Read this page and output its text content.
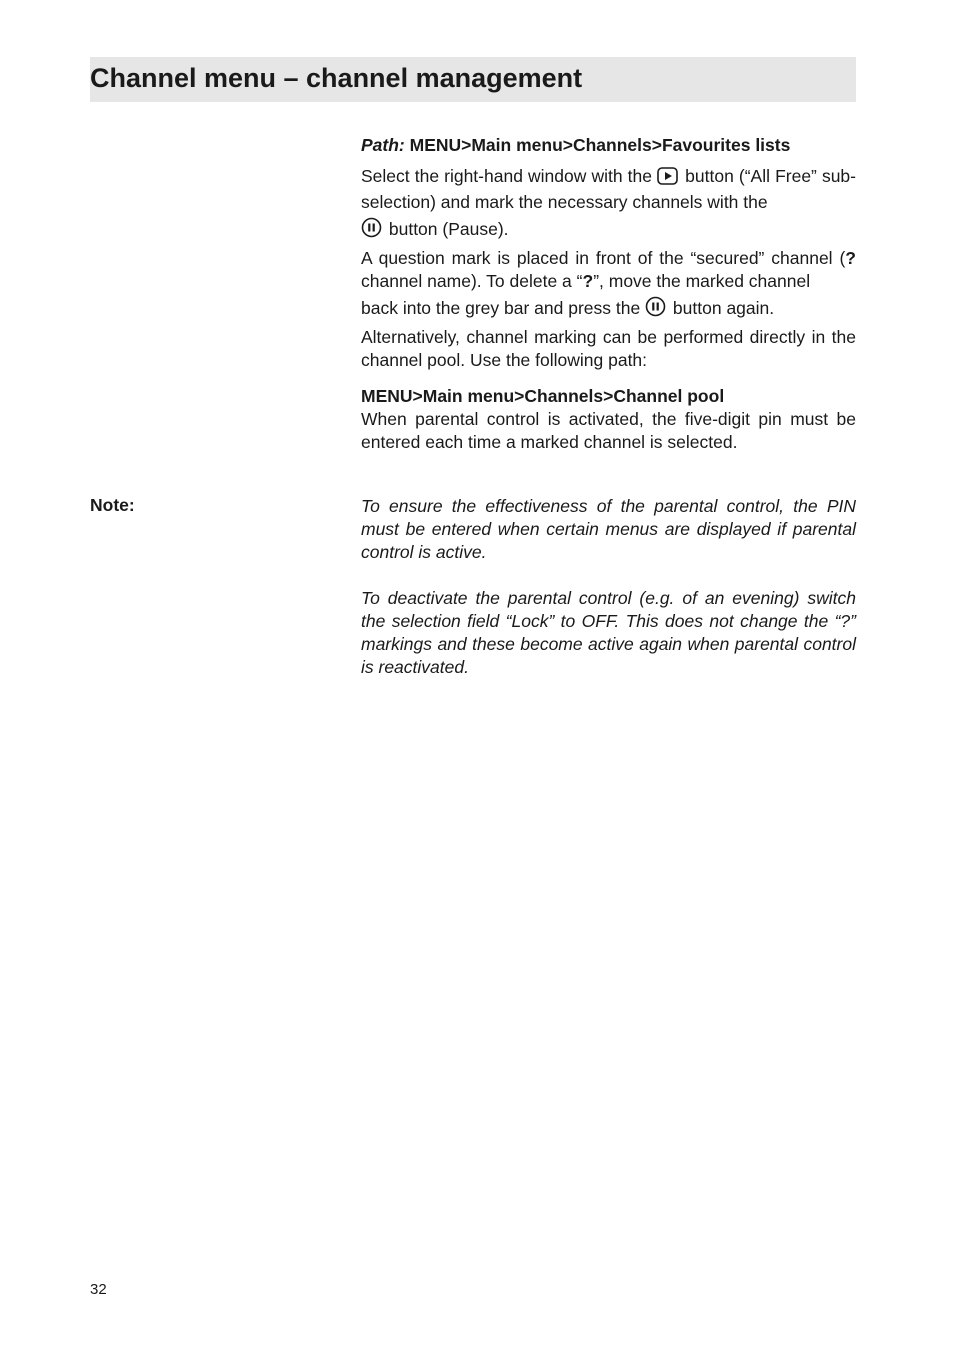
Channel menu – channel management
Path: MENU>Main menu>Channels>Favourites lists

Select the right-hand window with the  button (“All Free” sub-selection) and mark the necessary channels with the

button (Pause).

A question mark is placed in front of the “secured” channel (? channel name). To delete a “?”, move the marked channel

back into the grey bar and press the  button again.

Alternatively, channel marking can be performed directly in the channel pool. Use the following path:

MENU>Main menu>Channels>Channel pool
When parental control is activated, the five-digit pin must be entered each time a marked channel is selected.
Note:	To ensure the effectiveness of the parental control, the PIN must be entered when certain menus are displayed if parental control is active.
To deactivate the parental control (e.g. of an evening) switch the selection field “Lock” to OFF. This does not change the “?” markings and these become active again when parental control is reactivated.
32
